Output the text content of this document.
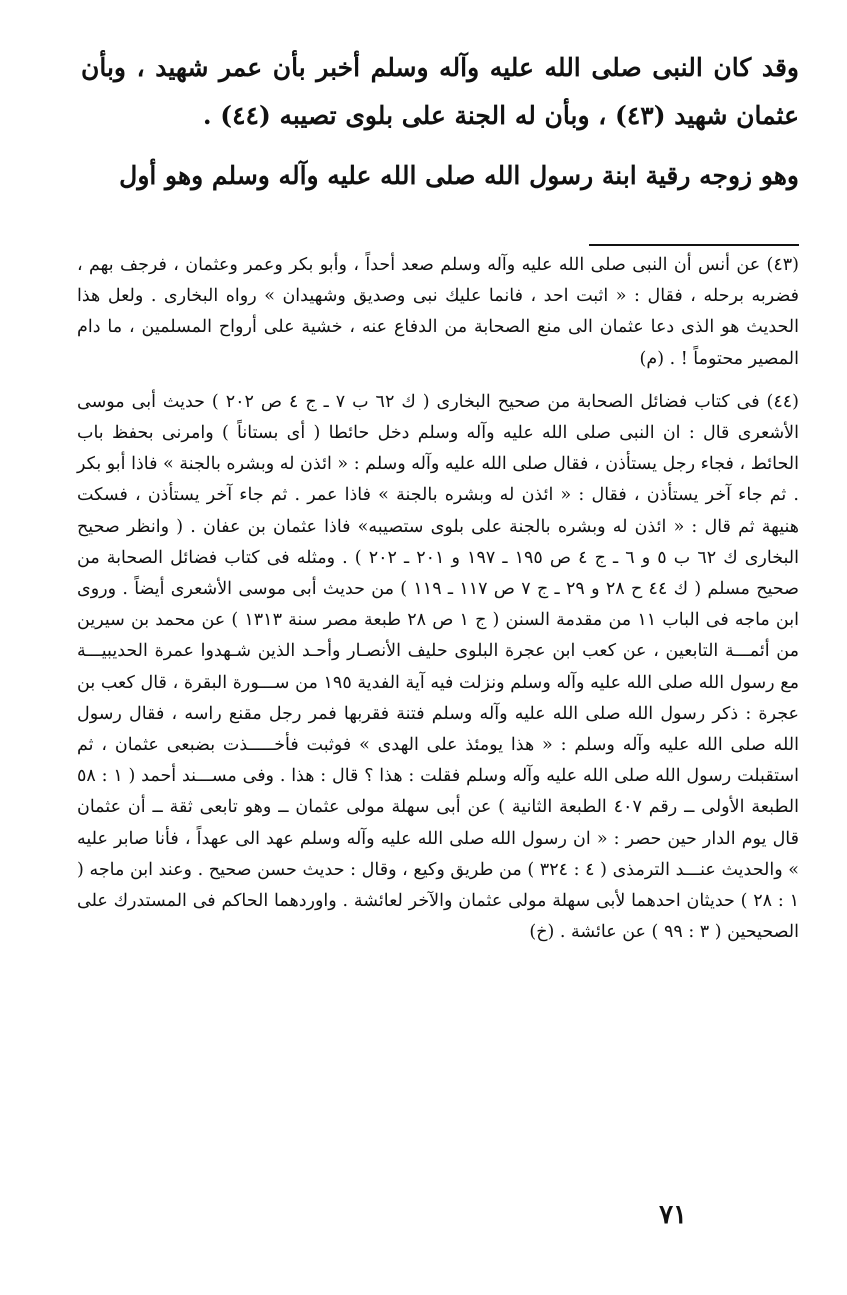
وقد كان النبى صلى الله عليه وآله وسلم أخبر بأن عمر شهيد ، وبأن عثمان شهيد (٤٣) ، وبأن له الجنة على بلوى تصيبه (٤٤) .

وهو زوجه رقية ابنة رسول الله صلى الله عليه وآله وسلم وهو أول

(٤٣) عن أنس أن النبى صلى الله عليه وآله وسلم صعد أحداً ، وأبو بكر وعمر وعثمان ، فرجف بهم ، فضربه برحله ، فقال : « اثبت احد ، فانما عليك نبى وصديق وشهيدان » رواه البخارى . ولعل هذا الحديث هو الذى دعا عثمان الى منع الصحابة من الدفاع عنه ، خشية على أرواح المسلمين ، ما دام المصير محتوماً ! . (م)

(٤٤) فى كتاب فضائل الصحابة من صحيح البخارى ( ك ٦٢ ب ٧ ـ ج ٤ ص ٢٠٢ ) حديث أبى موسى الأشعرى قال : ان النبى صلى الله عليه وآله وسلم دخل حائطا ( أى بستاناً ) وامرنى بحفظ باب الحائط ، فجاء رجل يستأذن ، فقال صلى الله عليه وآله وسلم : « ائذن له وبشره بالجنة » فاذا أبو بكر . ثم جاء آخر يستأذن ، فقال : « ائذن له وبشره بالجنة » فاذا عمر . ثم جاء آخر يستأذن ، فسكت هنيهة ثم قال : « ائذن له وبشره بالجنة على بلوى ستصيبه» فاذا عثمان بن عفان . ( وانظر صحيح البخارى ك ٦٢ ب ٥ و ٦ ـ ج ٤ ص ١٩٥ ـ ١٩٧ و ٢٠١ ـ ٢٠٢ ) . ومثله فى كتاب فضائل الصحابة من صحيح مسلم ( ك ٤٤ ح ٢٨ و ٢٩ ـ ج ٧ ص ١١٧ ـ ١١٩ ) من حديث أبى موسى الأشعرى أيضاً . وروى ابن ماجه فى الباب ١١ من مقدمة السنن ( ج ١ ص ٢٨ طبعة مصر سنة ١٣١٣ ) عن محمد بن سيرين من أئمـــة التابعين ، عن كعب ابن عجرة البلوى حليف الأنصـار وأحـد الذين شـهدوا عمرة الحديبيـــة مع رسول الله صلى الله عليه وآله وسلم ونزلت فيه آية الفدية ١٩٥ من ســـورة البقرة ، قال كعب بن عجرة : ذكر رسول الله صلى الله عليه وآله وسلم فتنة فقربها فمر رجل مقنع راسه ، فقال رسول الله صلى الله عليه وآله وسلم : « هذا يومئذ على الهدى » فوثبت فأخـــــذت بضبعى عثمان ، ثم استقبلت رسول الله صلى الله عليه وآله وسلم فقلت : هذا ؟ قال : هذا . وفى مســـند أحمد ( ١ : ٥٨ الطبعة الأولى ــ رقم ٤٠٧ الطبعة الثانية ) عن أبى سهلة مولى عثمان ــ وهو تابعى ثقة ــ أن عثمان قال يوم الدار حين حصر : « ان رسول الله صلى الله عليه وآله وسلم عهد الى عهداً ، فأنا صابر عليه » والحديث عنـــد الترمذى ( ٤ : ٣٢٤ ) من طريق وكيع ، وقال : حديث حسن صحيح . وعند ابن ماجه ( ١ : ٢٨ ) حديثان احدهما لأبى سهلة مولى عثمان والآخر لعائشة . واوردهما الحاكم فى المستدرك على الصحيحين ( ٣ : ٩٩ ) عن عائشة . (خ)

٧١
